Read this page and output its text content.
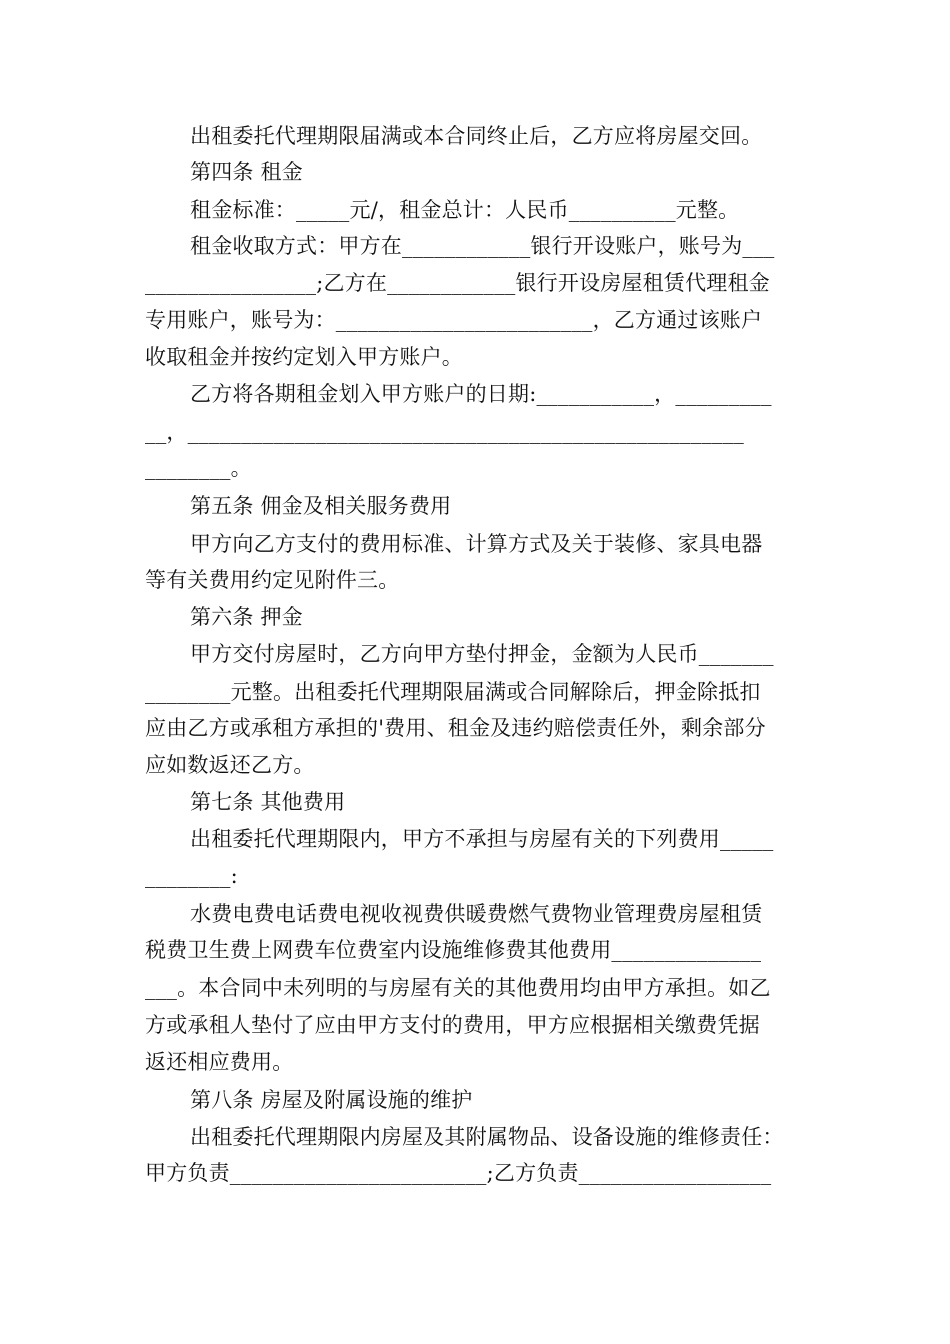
出租委托代理期限届满或本合同终止后，乙方应将房屋交回。
第四条 租金
租金标准：_____元/，租金总计：人民币__________元整。
租金收取方式：甲方在____________银行开设账户，账号为___
________________;乙方在____________银行开设房屋租赁代理租金
专用账户，账号为：________________________，乙方通过该账户
收取租金并按约定划入甲方账户。
乙方将各期租金划入甲方账户的日期:___________，_________
__，____________________________________________________
________。
第五条 佣金及相关服务费用
甲方向乙方支付的费用标准、计算方式及关于装修、家具电器
等有关费用约定见附件三。
第六条 押金
甲方交付房屋时，乙方向甲方垫付押金，金额为人民币_______
________元整。出租委托代理期限届满或合同解除后，押金除抵扣
应由乙方或承租方承担的'费用、租金及违约赔偿责任外，剩余部分
应如数返还乙方。
第七条 其他费用
出租委托代理期限内，甲方不承担与房屋有关的下列费用_____
________:
水费电费电话费电视收视费供暖费燃气费物业管理费房屋租赁
税费卫生费上网费车位费室内设施维修费其他费用______________
___。本合同中未列明的与房屋有关的其他费用均由甲方承担。如乙
方或承租人垫付了应由甲方支付的费用，甲方应根据相关缴费凭据
返还相应费用。
第八条 房屋及附属设施的维护
出租委托代理期限内房屋及其附属物品、设备设施的维修责任：
甲方负责________________________;乙方负责__________________
